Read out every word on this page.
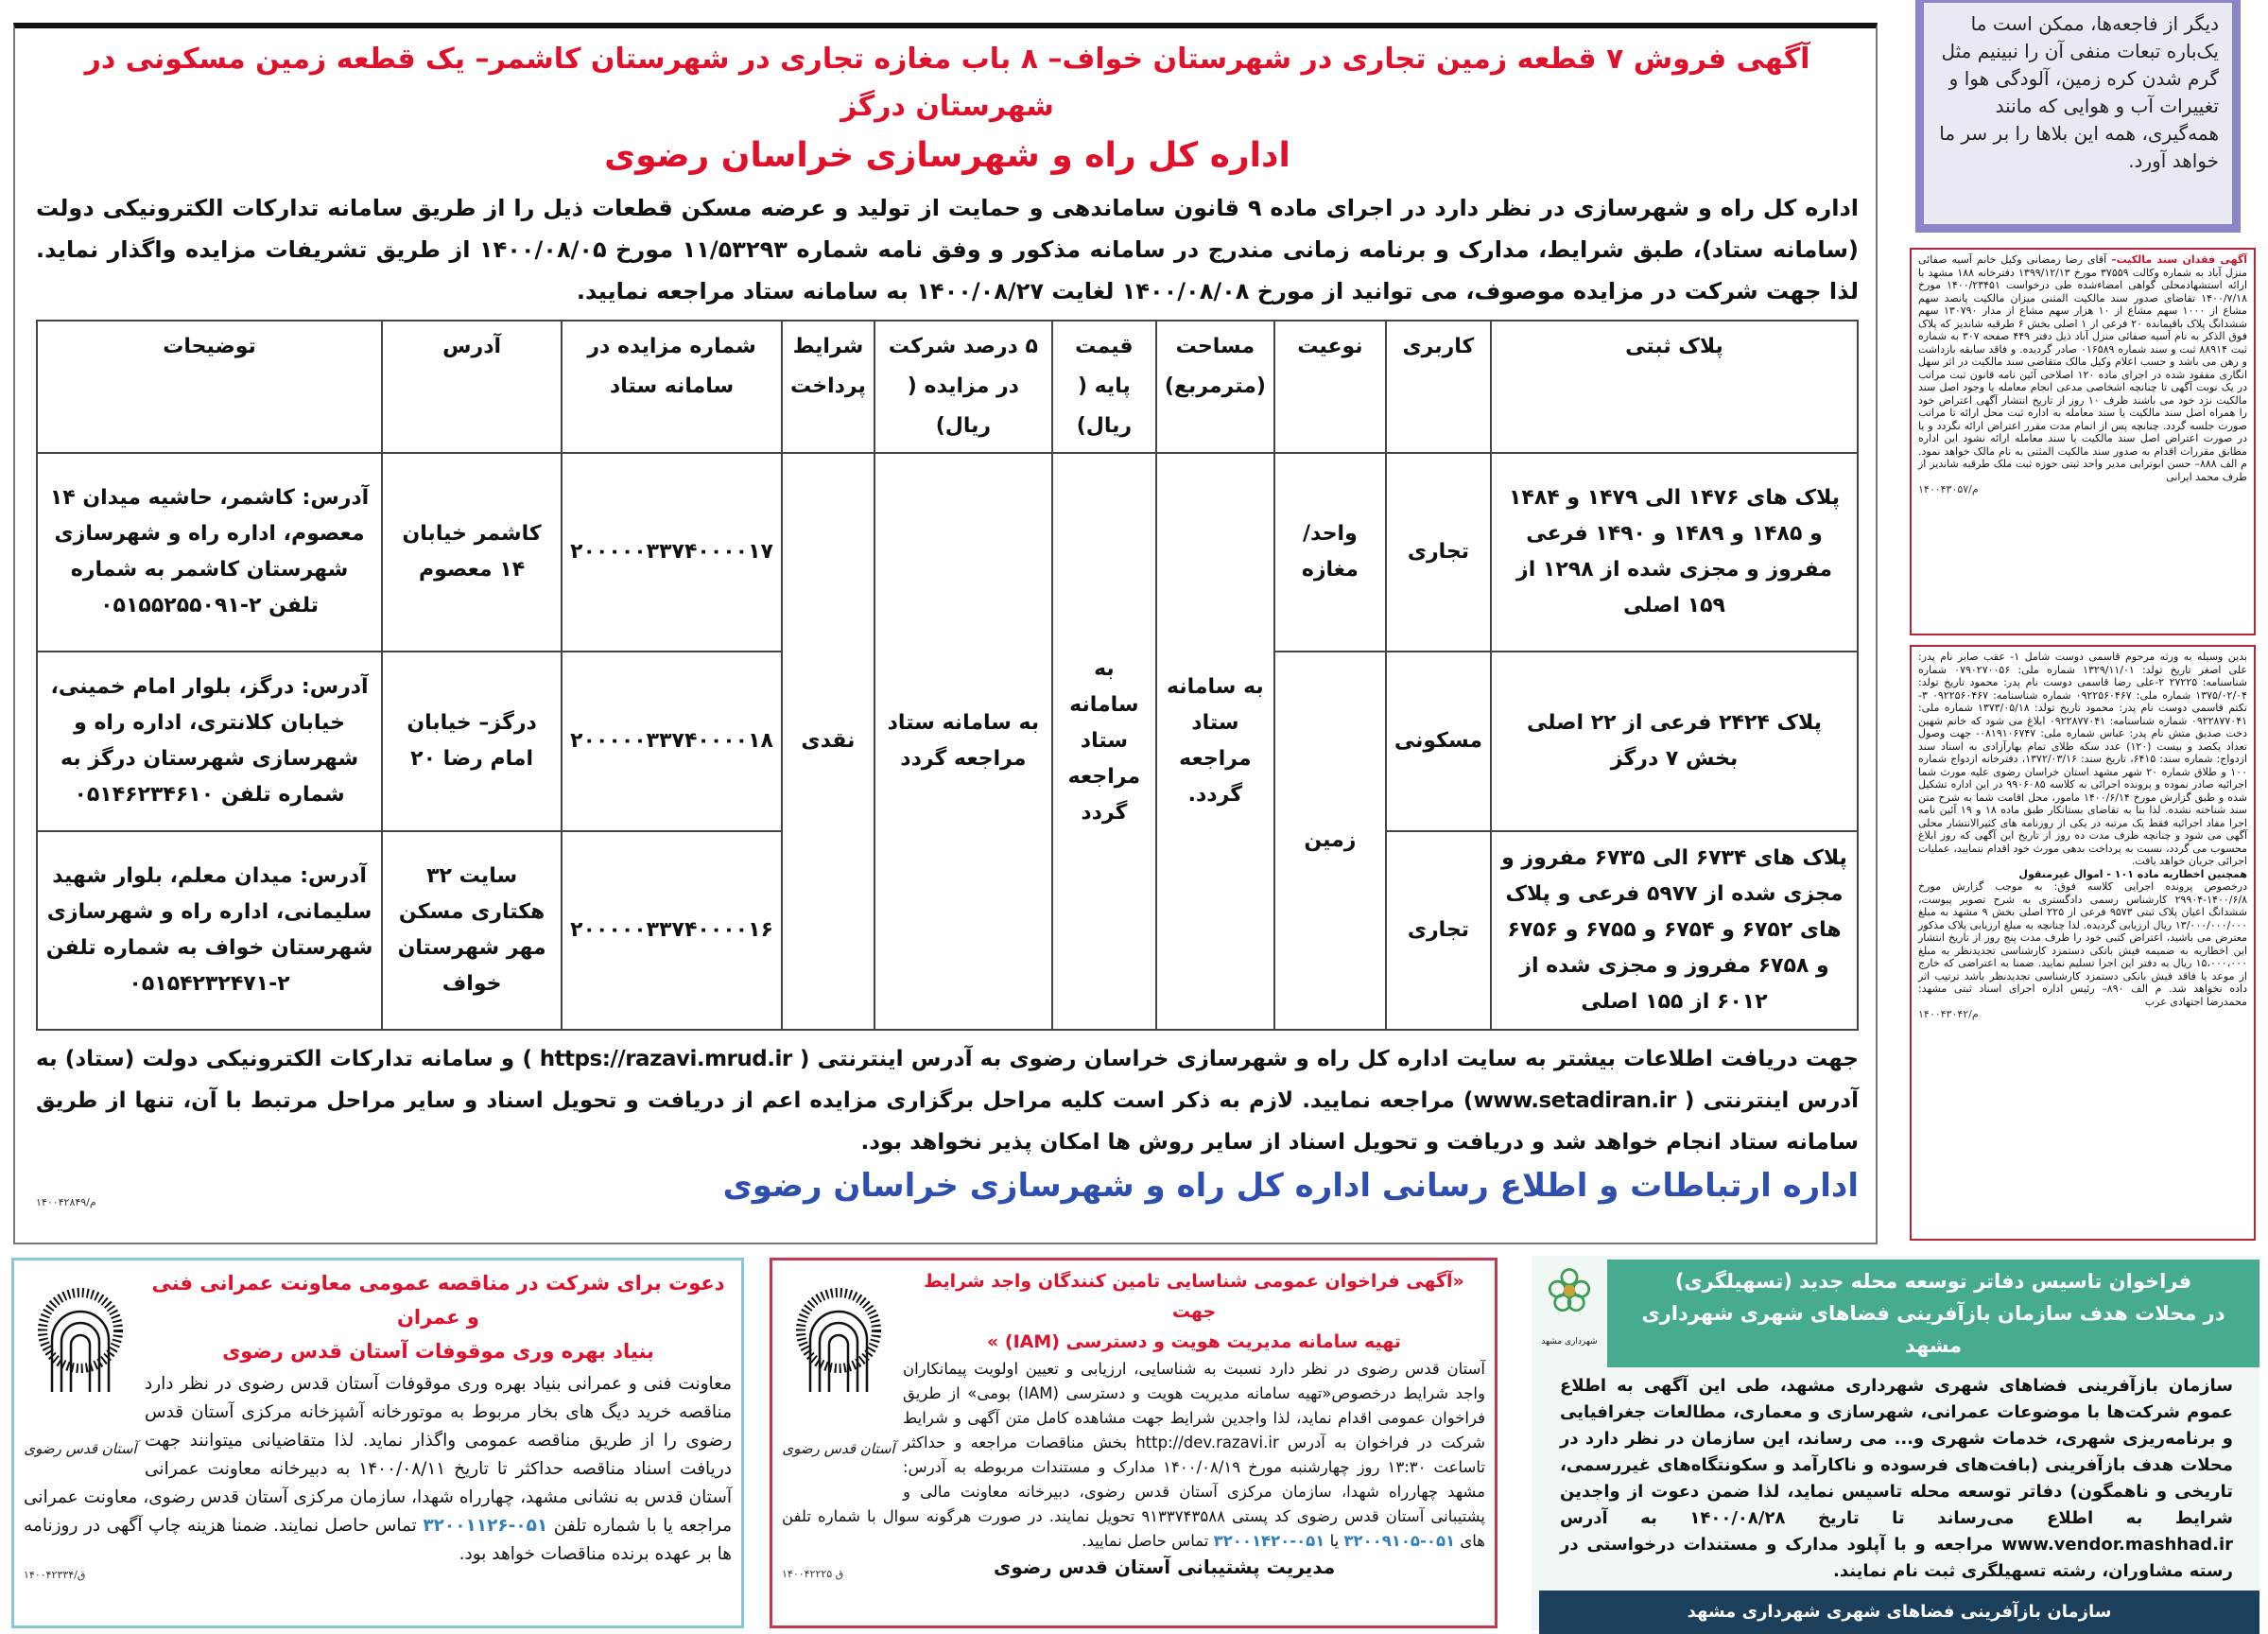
آگهی فروش ۷ قطعه زمین تجاری در شهرستان خواف– ۸ باب مغازه تجاری در شهرستان کاشمر– یک قطعه زمین مسکونی در شهرستان درگز
اداره کل راه و شهرسازی خراسان رضوی
اداره کل راه و شهرسازی در نظر دارد در اجرای ماده ۹ قانون ساماندهی و حمایت از تولید و عرضه مسکن قطعات ذیل را از طریق سامانه تدارکات الکترونیکی دولت (سامانه ستاد)، طبق شرایط، مدارک و برنامه زمانی مندرج در سامانه مذکور و وفق نامه شماره ۱۱/۵۳۲۹۳ مورخ ۱۴۰۰/۰۸/۰۵ از طریق تشریفات مزایده واگذار نماید. لذا جهت شرکت در مزایده موصوف، می توانید از مورخ ۱۴۰۰/۰۸/۰۸ لغایت ۱۴۰۰/۰۸/۲۷ به سامانه ستاد مراجعه نمایید.
پلاک ثبتی	کاربری	نوعیت	مساحت (مترمربع)	قیمت پایه ( ریال)	۵ درصد شرکت در مزایده ( ریال)	شرایط پرداخت	شماره مزایده در سامانه ستاد	آدرس	توضیحات
پلاک های ۱۴۷۶ الی ۱۴۷۹ و ۱۴۸۴ و ۱۴۸۵ و ۱۴۸۹ و ۱۴۹۰ فرعی مفروز و مجزی شده از ۱۲۹۸ از ۱۵۹ اصلی	تجاری	واحد/ مغازه	به سامانه ستاد مراجعه گردد.	به سامانه ستاد مراجعه گردد	به سامانه ستاد مراجعه گردد	نقدی	۲۰۰۰۰۰۳۳۷۴۰۰۰۰۱۷	کاشمر خیابان ۱۴ معصوم	آدرس: کاشمر، حاشیه میدان ۱۴ معصوم، اداره راه و شهرسازی شهرستان کاشمر به شماره تلفن ۲-۰۵۱۵۵۲۵۵۰۹۱
پلاک ۲۴۲۴ فرعی از ۲۲ اصلی بخش ۷ درگز	مسکونی	زمین					۲۰۰۰۰۰۳۳۷۴۰۰۰۰۱۸	درگز– خیابان امام رضا ۲۰	آدرس: درگز، بلوار امام خمینی، خیابان کلانتری، اداره راه و شهرسازی شهرستان درگز به شماره تلفن ۰۵۱۴۶۲۳۴۶۱۰
پلاک های ۶۷۳۴ الی ۶۷۳۵ مفروز و مجزی شده از ۵۹۷۷ فرعی و پلاک های ۶۷۵۲ و ۶۷۵۴ و ۶۷۵۵ و ۶۷۵۶ و ۶۷۵۸ مفروز و مجزی شده از ۶۰۱۲ از ۱۵۵ اصلی	تجاری						۲۰۰۰۰۰۳۳۷۴۰۰۰۰۱۶	سایت ۳۲ هکتاری مسکن مهر شهرستان خواف	آدرس: میدان معلم، بلوار شهید سلیمانی، اداره راه و شهرسازی شهرستان خواف به شماره تلفن ۲-۰۵۱۵۴۲۳۲۴۷۱
جهت دریافت اطلاعات بیشتر به سایت اداره کل راه و شهرسازی خراسان رضوی به آدرس اینترنتی ( https://razavi.mrud.ir ) و سامانه تدارکات الکترونیکی دولت (ستاد) به آدرس اینترنتی ( www.setadiran.ir) مراجعه نمایید. لازم به ذکر است کلیه مراحل برگزاری مزایده اعم از دریافت و تحویل اسناد و سایر مراحل مرتبط با آن، تنها از طریق سامانه ستاد انجام خواهد شد و دریافت و تحویل اسناد از سایر روش ها امکان پذیر نخواهد بود.
اداره ارتباطات و اطلاع رسانی اداره کل راه و شهرسازی خراسان رضوی
۱۴۰۰۴۲۸۴۹/م
دیگر از فاجعه‌ها، ممکن است ما یک‌باره تبعات منفی آن را نبینیم مثل گرم شدن کره زمین، آلودگی هوا و تغییرات آب و هوایی که مانند همه‌گیری، همه این بلاها را بر سر ما خواهد آورد.
آگهی فقدان سند مالکیت– آقای رضا رمضانی وکیل خانم آسیه صفائی منزل آباد به شماره وکالت ۳۷۵۵۹ مورخ ۱۳۹۹/۱۲/۱۳ دفترخانه ۱۸۸ مشهد با ارائه استشهادمحلی گواهی امضاءشده طی درخواست ۱۴۰۰/۲۳۴۵۱ مورخ ۱۴۰۰/۷/۱۸ تقاضای صدور سند مالکیت المثنی میزان مالکیت پانصد سهم مشاع از ۱۰۰۰ سهم مشاع از ۱۰ هزار سهم مشاع از مدار ۱۳۰۷۹۰ سهم ششدانگ پلاک باقیمانده ۲۰ فرعی از ۱ اصلی بخش ۶ طرقبه شاندیز که پلاک فوق الذکر به نام آسیه صفائی منزل آباد ذیل دفتر ۴۴۹ صفحه ۳۰۷ به شماره ثبت ۸۸۹۱۴ ثبت و سند شماره ۰۱۶۵۸۹ صادر گردیده. و فاقد سابقه بازداشت و رهن می باشد و حسب اعلام وکیل مالک متقاضی سند مالکیت در اثر سهل انگاری مفقود شده در اجرای ماده ۱۲۰ اصلاحی آئین نامه قانون ثبت مراتب در یک نوبت آگهی تا چنانچه اشخاصی مدعی انجام معامله یا وجود اصل سند مالکیت نزد خود می باشند ظرف ۱۰ روز از تاریخ انتشار آگهی اعتراض خود را همراه اصل سند مالکیت یا سند معامله به اداره ثبت محل ارائه تا مراتب صورت جلسه گردد. چنانچه پس از اتمام مدت مقرر اعتراض ارائه نگردد و یا در صورت اعتراض اصل سند مالکیت یا سند معامله ارائه نشود این اداره مطابق مقررات اقدام به صدور سند مالکیت المثنی به نام مالک خواهد نمود. م الف ۸۸۸– حسن ابوترابی مدیر واحد ثبتی حوزه ثبت ملک طرقبه شاندیز از طرف محمد ایرانی
۱۴۰۰۴۳۰۵۷/م
بدین وسیله به ورثه مرحوم قاسمی دوست شامل ۱- عقب صابر نام پدر: علی اصغر تاریخ تولد: ۱۳۲۹/۱۱/۰۱ شماره ملی: ۰۷۹۰۲۷۰۰۵۶ شماره شناسنامه: ۲۷۲۲۵ ۲-علی رضا قاسمی دوست نام پدر: محمود تاریخ تولد: ۱۳۷۵/۰۲/۰۴ شماره ملی: ۰۹۲۲۵۶۰۴۶۷ شماره شناسنامه: ۰۹۲۲۵۶۰۴۶۷ ۳- تکتم قاسمی دوست نام پدر: محمود تاریخ تولد: ۱۳۷۳/۰۵/۱۸ شماره ملی: ۰۹۲۲۸۷۷۰۴۱ شماره شناسنامه: ۰۹۲۲۸۷۷۰۴۱ ابلاغ می شود که خانم شهین دخت صدیق متش نام پدر: عباس شماره ملی: ۰۸۱۹۱۰۶۷۴۷- جهت وصول تعداد یکصد و بیست (۱۲۰) عدد سکه طلای تمام بهارآزادی به اسناد سند ازدواج: شماره سند: ۶۴۱۵، تاریخ سند: ۱۳۷۲/۰۳/۱۶، دفترخانه ازدواج شماره ۱۰۰ و طلاق شماره ۲۰ شهر مشهد استان خراسان رضوی علیه مورث شما اجرائیه صادر نموده و پرونده اجرائی به کلاسه ۹۹۰۶۰۸۵ در این اداره تشکیل شده و طبق گزارش مورخ ۱۴۰۰/۶/۱۴ مامور، محل اقامت شما به شرح متن سند شناخته نشده. لذا بنا به تقاضای بستانکار طبق ماده ۱۸ و ۱۹ آئین نامه اجرا مفاد اجرائیه فقط یک مرتبه در یکی از روزنامه های کثیرالانتشار محلی آگهی می شود و چنانچه ظرف مدت ده روز از تاریخ این آگهی که روز ابلاغ محسوب می گردد، نسبت به پرداخت بدهی مورث خود اقدام ننمایید، عملیات اجرائی جریان خواهد یافت.
همچنین اخطاریه ماده ۱۰۱ - اموال غیرمنقول
درخصوص پرونده اجرایی کلاسه فوق: به موجب گزارش مورخ ۱۴۰۰/۶/۸-۲۹۹۰۴ کارشناس رسمی دادگستری به شرح تصویر پیوست، ششدانگ اعیان پلاک ثبتی ۹۵۷۳ فرعی از ۲۲۵ اصلی بخش ۹ مشهد به مبلغ ۱۳/۰۰۰/۰۰۰/۰۰۰ ریال ارزیابی گردیده. لذا چنانچه به مبلغ ارزیابی پلاک مذکور معترض می باشید، اعتراض کتبی خود را ظرف مدت پنج روز از تاریخ انتشار این اخطاریه به ضمیمه فیش بانکی دستمزد کارشناسی تجدیدنظر به مبلغ ۱۵،۰۰۰،۰۰۰ ریال به دفتر این اجرا تسلیم نمایید. ضمنا به اعتراضی که خارج از موعد یا فاقد فیش بانکی دستمزد کارشناسی تجدیدنظر باشد ترتیب اثر داده نخواهد شد. م الف ۸۹۰– رئیس اداره اجرای اسناد ثبتی مشهد: محمدرضا اجتهادی عرب
۱۴۰۰۴۳۰۴۲/م
آستان قدس رضوی
دعوت برای شرکت در مناقصه عمومی معاونت عمرانی فنی و عمران
بنیاد بهره وری موقوفات آستان قدس رضوی
معاونت فنی و عمرانی بنیاد بهره وری موقوفات آستان قدس رضوی در نظر دارد مناقصه خرید دیگ های بخار مربوط به موتورخانه آشپزخانه مرکزی آستان قدس رضوی را از طریق مناقصه عمومی واگذار نماید. لذا متقاضیانی میتوانند جهت دریافت اسناد مناقصه حداکثر تا تاریخ ۱۴۰۰/۰۸/۱۱ به دبیرخانه معاونت عمرانی آستان قدس به نشانی مشهد، چهارراه شهدا، سازمان مرکزی آستان قدس رضوی، معاونت عمرانی مراجعه یا با شماره تلفن ۰۵۱-۳۲۰۰۱۱۲۶ تماس حاصل نمایند. ضمنا هزینه چاپ آگهی در روزنامه ها بر عهده برنده مناقصات خواهد بود.
۱۴۰۰۴۲۳۳۴/ق
آستان قدس رضوی
«آگهی فراخوان عمومی شناسایی تامین کنندگان واجد شرایط جهت
تهیه سامانه مدیریت هویت و دسترسی (IAM) »
آستان قدس رضوی در نظر دارد نسبت به شناسایی، ارزیابی و تعیین اولویت پیمانکاران واجد شرایط درخصوص«تهیه سامانه مدیریت هویت و دسترسی (IAM) بومی» از طریق فراخوان عمومی اقدام نماید، لذا واجدین شرایط جهت مشاهده کامل متن آگهی و شرایط شرکت در فراخوان به آدرس http://dev.razavi.ir بخش مناقصات مراجعه و حداکثر تاساعت ۱۳:۳۰ روز چهارشنبه مورخ ۱۴۰۰/۰۸/۱۹ مدارک و مستندات مربوطه به آدرس: مشهد چهارراه شهدا، سازمان مرکزی آستان قدس رضوی، دبیرخانه معاونت مالی و پشتیبانی آستان قدس رضوی کد پستی ۹۱۳۳۷۴۳۵۸۸ تحویل نمایند. در صورت هرگونه سوال با شماره تلفن های ۰۵۱-۳۲۰۰۹۱۰۵ یا ۰۵۱-۳۲۰۰۱۴۲۰ تماس حاصل نمایید.
مدیریت پشتیبانی آستان قدس رضوی
۱۴۰۰۴۲۲۲۵ ق
فراخوان تاسیس دفاتر توسعه محله جدید (تسهیلگری)
در محلات هدف سازمان بازآفرینی فضاهای شهری شهرداری مشهد
شهرداری مشهد
سازمان بازآفرینی فضاهای شهری شهرداری مشهد، طی این آگهی به اطلاع عموم شرکت‌ها با موضوعات عمرانی، شهرسازی و معماری، مطالعات جغرافیایی و برنامه‌ریزی شهری، خدمات شهری و... می رساند، این سازمان در نظر دارد در محلات هدف بازآفرینی (بافت‌های فرسوده و ناکارآمد و سکونتگاه‌های غیررسمی، تاریخی و ناهمگون) دفاتر توسعه محله تاسیس نماید، لذا ضمن دعوت از واجدین شرایط به اطلاع می‌رساند تا تاریخ ۱۴۰۰/۰۸/۲۸ به آدرس www.vendor.mashhad.ir مراجعه و با آپلود مدارک و مستندات درخواستی در رسته مشاوران، رشته تسهیلگری ثبت نام نمایند.
سازمان بازآفرینی فضاهای شهری شهرداری مشهد
